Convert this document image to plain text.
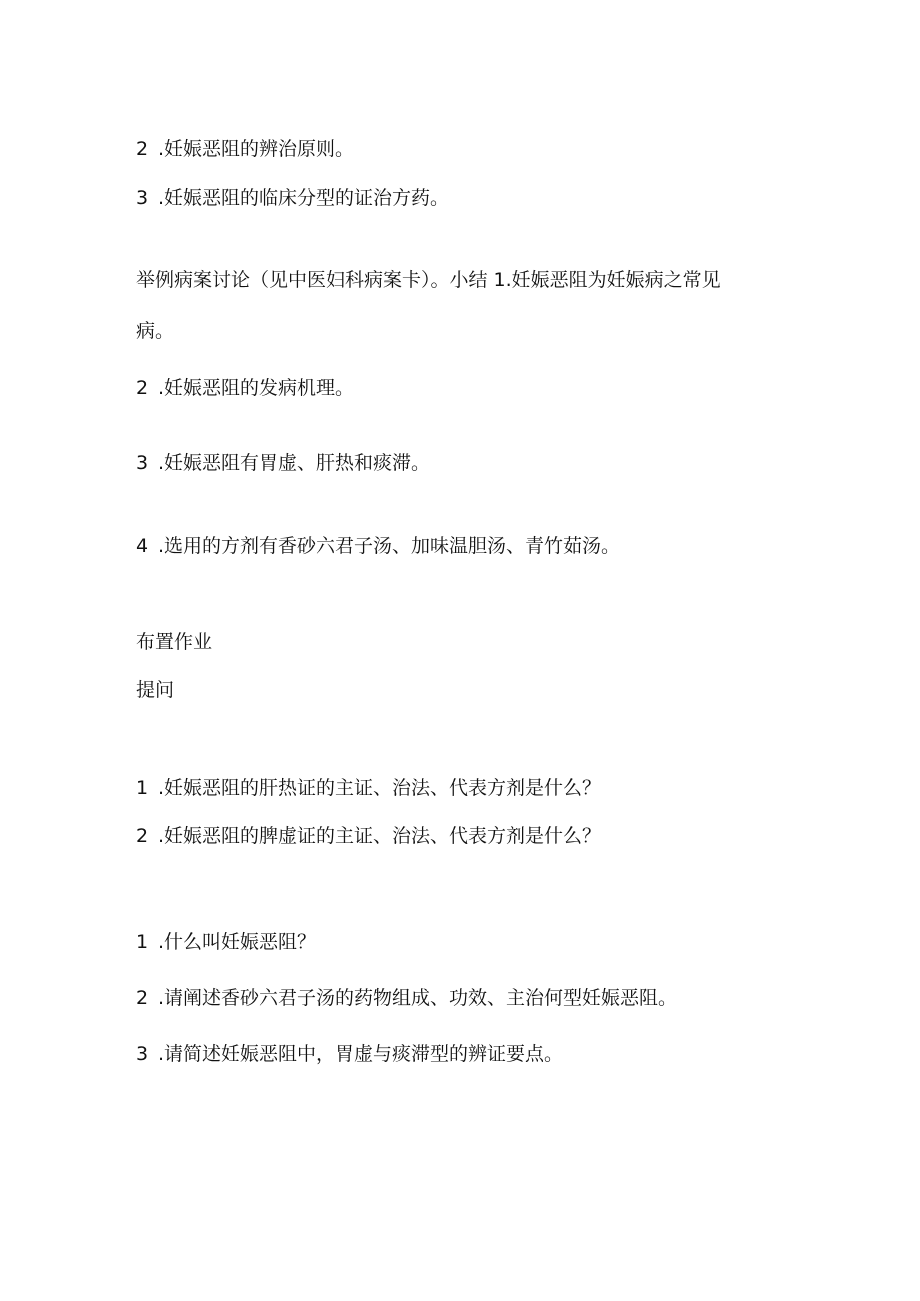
2 .妊娠恶阻的辨治原则。
3 .妊娠恶阻的临床分型的证治方药。
举例病案讨论（见中医妇科病案卡）。小结 1.妊娠恶阻为妊娠病之常见
病。
2 .妊娠恶阻的发病机理。
3 .妊娠恶阻有胃虚、肝热和痰滞。
4 .选用的方剂有香砂六君子汤、加味温胆汤、青竹茹汤。
布置作业
提问
1 .妊娠恶阻的肝热证的主证、治法、代表方剂是什么？
2 .妊娠恶阻的脾虚证的主证、治法、代表方剂是什么？
1 .什么叫妊娠恶阻？
2 .请阐述香砂六君子汤的药物组成、功效、主治何型妊娠恶阻。
3 .请简述妊娠恶阻中，胃虚与痰滞型的辨证要点。
